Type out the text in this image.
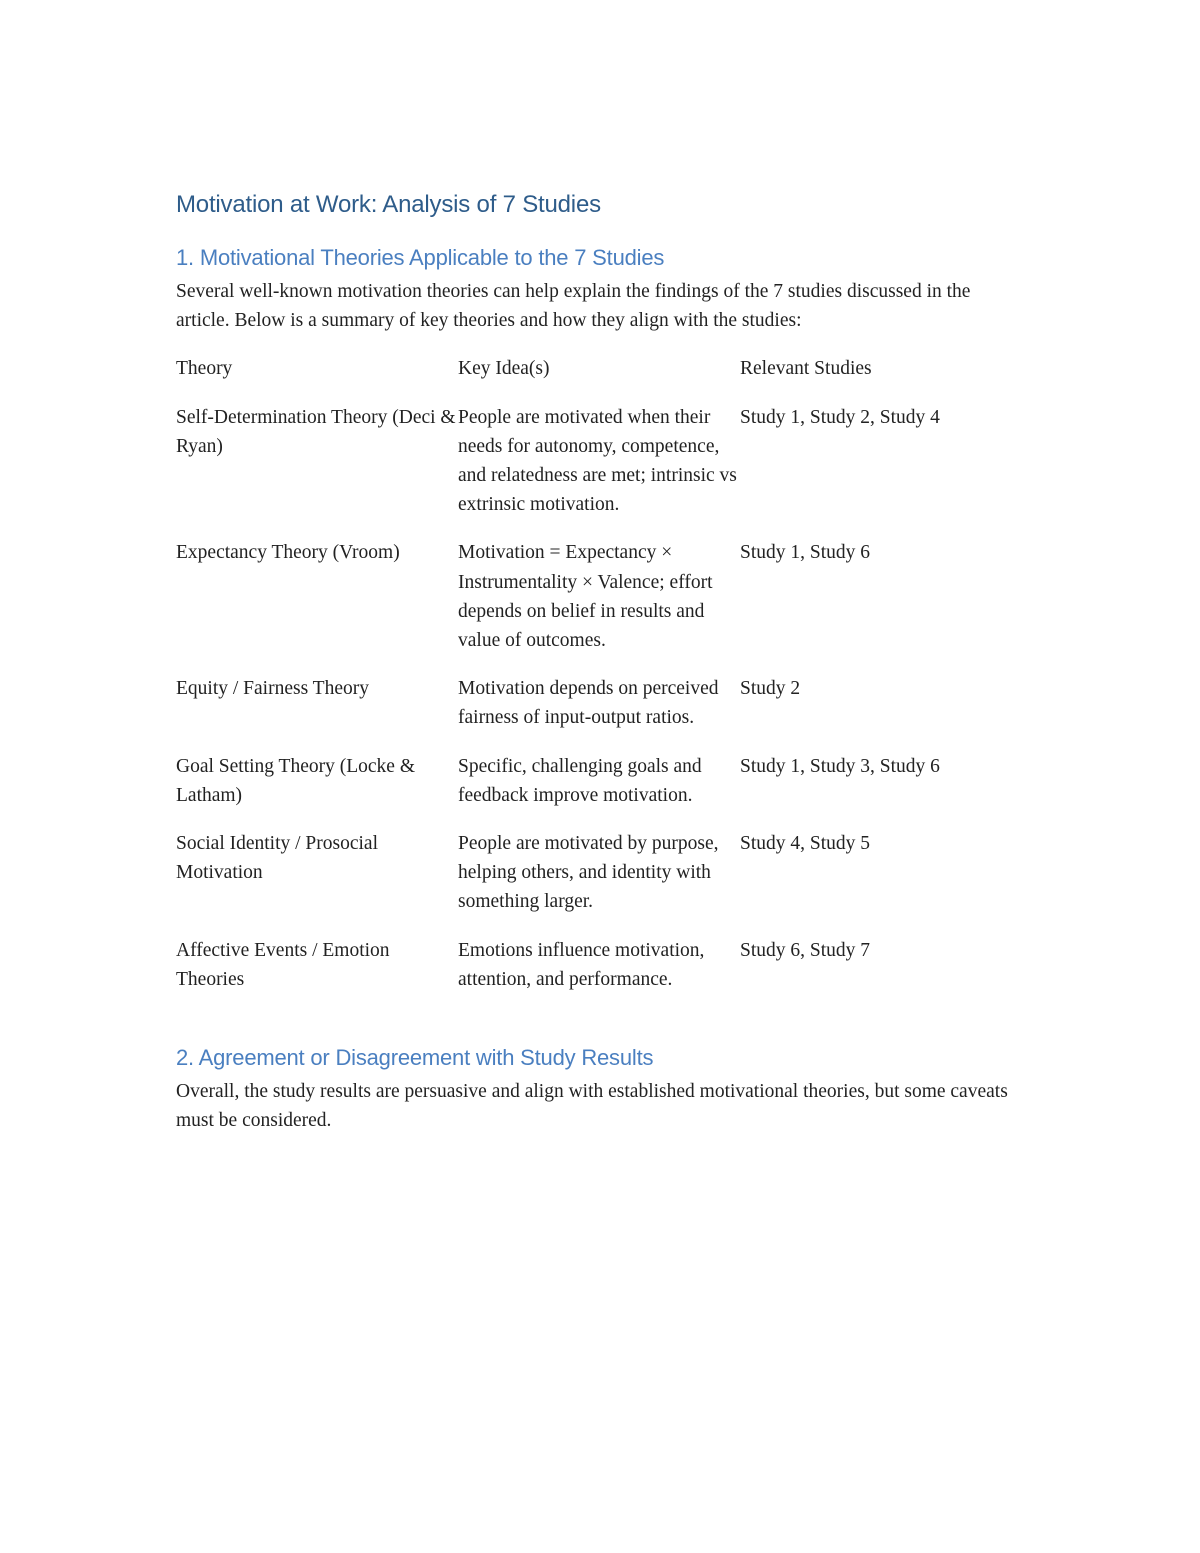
Motivation at Work: Analysis of 7 Studies
1. Motivational Theories Applicable to the 7 Studies

Several well-known motivation theories can help explain the findings of the 7 studies discussed in the article. Below is a summary of key theories and how they align with the studies:

Theory	Key Idea(s)	Relevant Studies
Self-Determination Theory (Deci & Ryan)	People are motivated when their needs for autonomy, competence, and relatedness are met; intrinsic vs extrinsic motivation.	Study 1, Study 2, Study 4
Expectancy Theory (Vroom)	Motivation = Expectancy × Instrumentality × Valence; effort depends on belief in results and value of outcomes.	Study 1, Study 6
Equity / Fairness Theory	Motivation depends on perceived fairness of input-output ratios.	Study 2
Goal Setting Theory (Locke & Latham)	Specific, challenging goals and feedback improve motivation.	Study 1, Study 3, Study 6
Social Identity / Prosocial Motivation	People are motivated by purpose, helping others, and identity with something larger.	Study 4, Study 5
Affective Events / Emotion Theories	Emotions influence motivation, attention, and performance.	Study 6, Study 7
2. Agreement or Disagreement with Study Results

Overall, the study results are persuasive and align with established motivational theories, but some caveats must be considered.
